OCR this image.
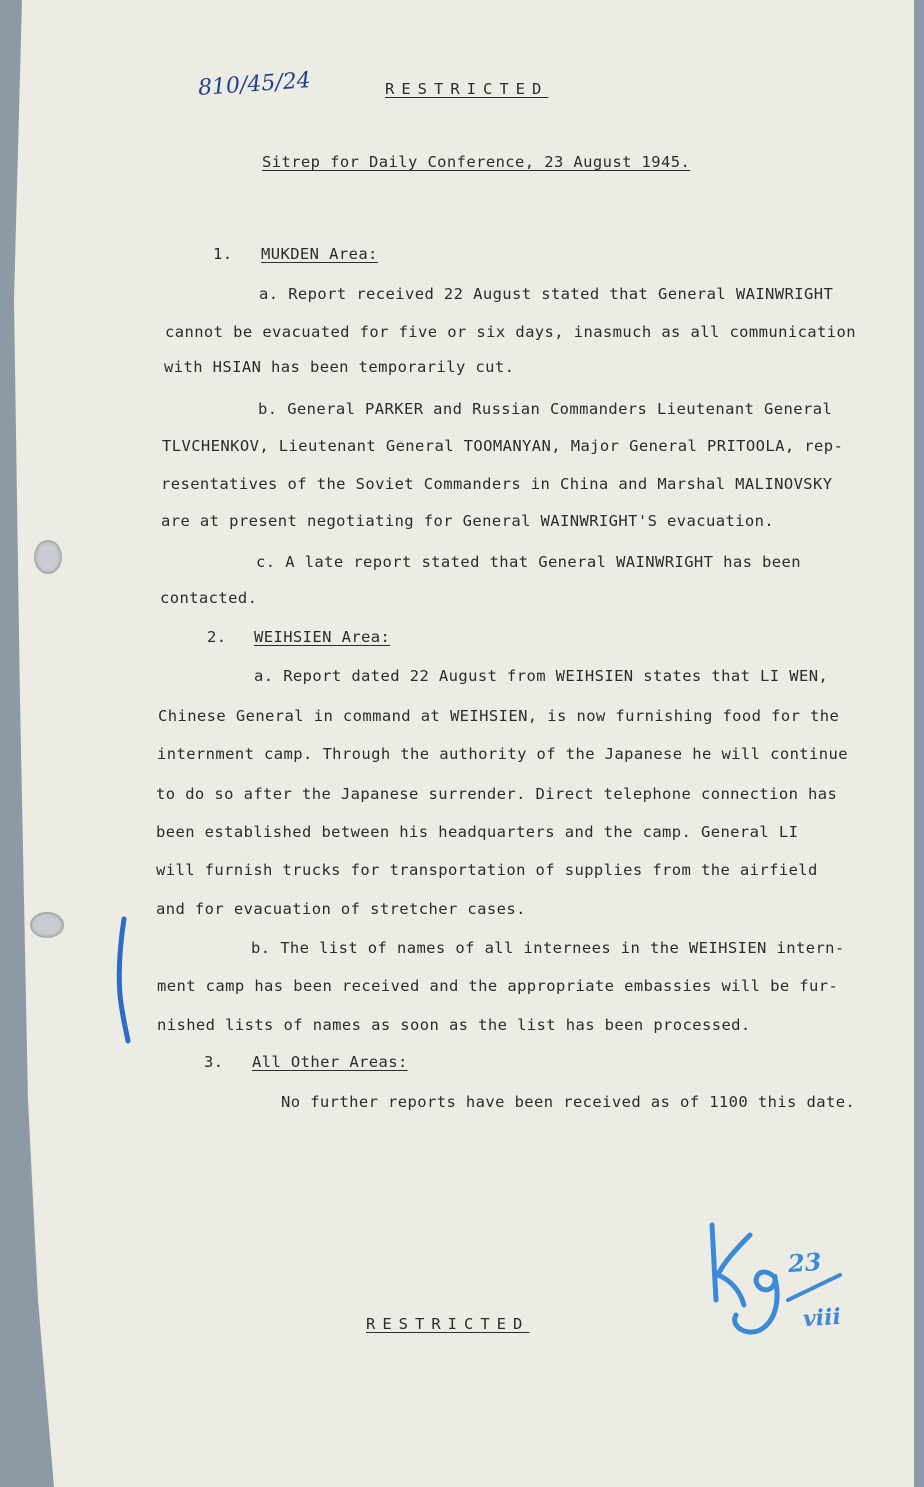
810/45/24	RESTRICTED
Sitrep for Daily Conference, 23 August 1945.
1. MUKDEN Area:
a. Report received 22 August stated that General WAINWRIGHT
cannot be evacuated for five or six days, inasmuch as all communication
with HSIAN has been temporarily cut.
b. General PARKER and Russian Commanders Lieutenant General
TLVCHENKOV, Lieutenant General TOOMANYAN, Major General PRITOOLA, rep-
resentatives of the Soviet Commanders in China and Marshal MALINOVSKY
are at present negotiating for General WAINWRIGHT'S evacuation.
c. A late report stated that General WAINWRIGHT has been
contacted.
2. WEIHSIEN Area:
a. Report dated 22 August from WEIHSIEN states that LI WEN,
Chinese General in command at WEIHSIEN, is now furnishing food for the
internment camp. Through the authority of the Japanese he will continue
to do so after the Japanese surrender. Direct telephone connection has
been established between his headquarters and the camp. General LI
will furnish trucks for transportation of supplies from the airfield
and for evacuation of stretcher cases.
b. The list of names of all internees in the WEIHSIEN intern-
ment camp has been received and the appropriate embassies will be fur-
nished lists of names as soon as the list has been processed.
3. All Other Areas:
No further reports have been received as of 1100 this date.
RESTRICTED
23
viii
